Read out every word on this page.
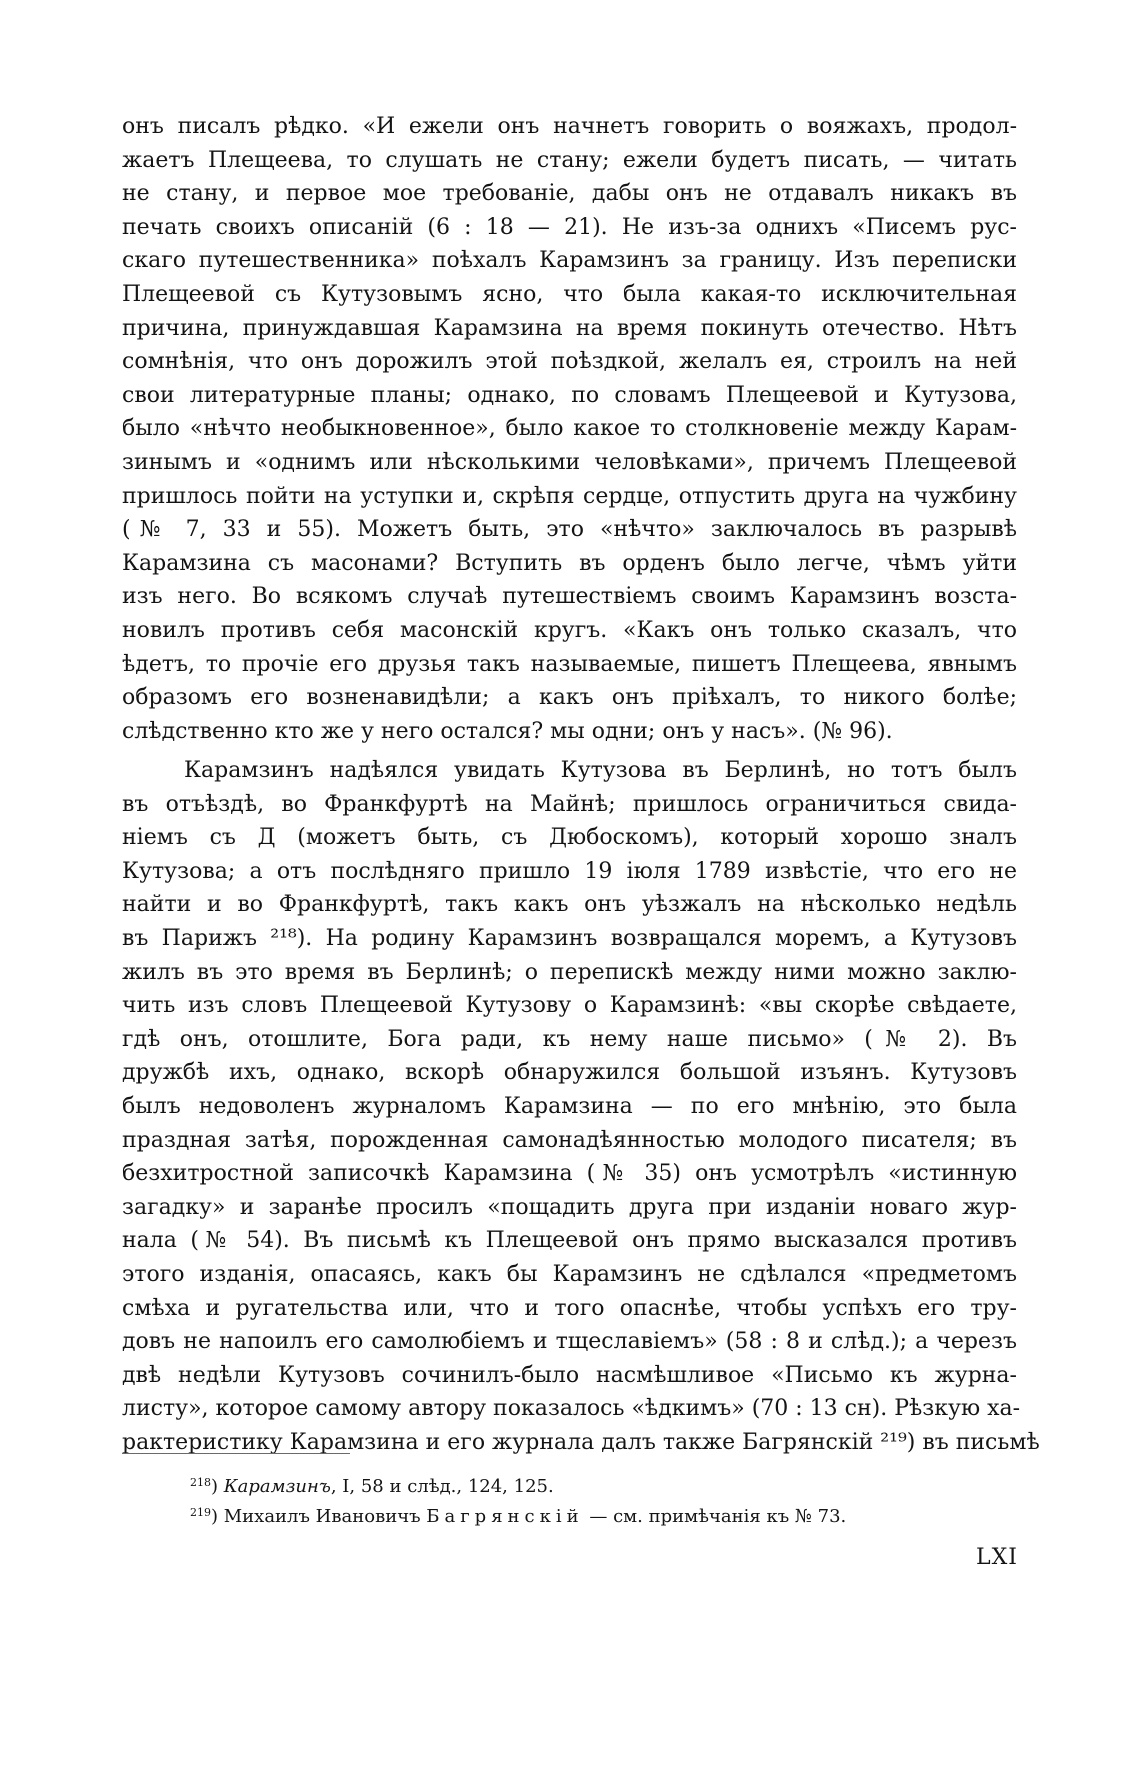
онъ писалъ рѣдко. «И ежели онъ начнетъ говорить о вояжахъ, продол-
жаетъ Плещеева, то слушать не стану; ежели будетъ писать, — читать
не стану, и первое мое требованіе, дабы онъ не отдавалъ никакъ въ
печать своихъ описаній (6 : 18 — 21). Не изъ-за однихъ «Писемъ рус-
скаго путешественника» поѣхалъ Карамзинъ за границу. Изъ переписки
Плещеевой съ Кутузовымъ ясно, что была какая-то исключительная
причина, принуждавшая Карамзина на время покинуть отечество. Нѣтъ
сомнѣнія, что онъ дорожилъ этой поѣздкой, желалъ ея, строилъ на ней
свои литературные планы; однако, по словамъ Плещеевой и Кутузова,
было «нѣчто необыкновенное», было какое то столкновеніе между Карам-
зинымъ и «однимъ или нѣсколькими человѣками», причемъ Плещеевой
пришлось пойти на уступки и, скрѣпя сердце, отпустить друга на чужбину
(№ 7, 33 и 55). Можетъ быть, это «нѣчто» заключалось въ разрывѣ
Карамзина съ масонами? Вступить въ орденъ было легче, чѣмъ уйти
изъ него. Во всякомъ случаѣ путешествіемъ своимъ Карамзинъ возста-
новилъ противъ себя масонскій кругъ. «Какъ онъ только сказалъ, что
ѣдетъ, то прочіе его друзья такъ называемые, пишетъ Плещеева, явнымъ
образомъ его возненавидѣли; а какъ онъ пріѣхалъ, то никого болѣе;
слѣдственно кто же у него остался? мы одни; онъ у насъ». (№ 96).
Карамзинъ надѣялся увидать Кутузова въ Берлинѣ, но тотъ былъ
въ отъѣздѣ, во Франкфуртѣ на Майнѣ; пришлось ограничиться свида-
ніемъ съ Д (можетъ быть, съ Дюбоскомъ), который хорошо зналъ
Кутузова; а отъ послѣдняго пришло 19 іюля 1789 извѣстіе, что его не
найти и во Франкфуртѣ, такъ какъ онъ уѣзжалъ на нѣсколько недѣль
въ Парижъ ²¹⁸). На родину Карамзинъ возвращался моремъ, а Кутузовъ
жилъ въ это время въ Берлинѣ; о перепискѣ между ними можно заклю-
чить изъ словъ Плещеевой Кутузову о Карамзинѣ: «вы скорѣе свѣдаете,
гдѣ онъ, отошлите, Бога ради, къ нему наше письмо» (№ 2). Въ
дружбѣ ихъ, однако, вскорѣ обнаружился большой изъянъ. Кутузовъ
былъ недоволенъ журналомъ Карамзина — по его мнѣнію, это была
праздная затѣя, порожденная самонадѣянностью молодого писателя; въ
безхитростной записочкѣ Карамзина (№ 35) онъ усмотрѣлъ «истинную
загадку» и заранѣе просилъ «пощадить друга при изданіи новаго жур-
нала (№ 54). Въ письмѣ къ Плещеевой онъ прямо высказался противъ
этого изданія, опасаясь, какъ бы Карамзинъ не сдѣлался «предметомъ
смѣха и ругательства или, что и того опаснѣе, чтобы успѣхъ его тру-
довъ не напоилъ его самолюбіемъ и тщеславіемъ» (58 : 8 и слѣд.); а черезъ
двѣ недѣли Кутузовъ сочинилъ-было насмѣшливое «Письмо къ журна-
листу», которое самому автору показалось «ѣдкимъ» (70 : 13 сн). Рѣзкую ха-
рактеристику Карамзина и его журнала далъ также Багрянскій ²¹⁹) въ письмѣ
$^{218}$) Карамзинъ, I, 58 и слѣд., 124, 125.
$^{219}$) Михаилъ Ивановичъ Багрянскій — см. примѣчанія къ № 73.
LXI
